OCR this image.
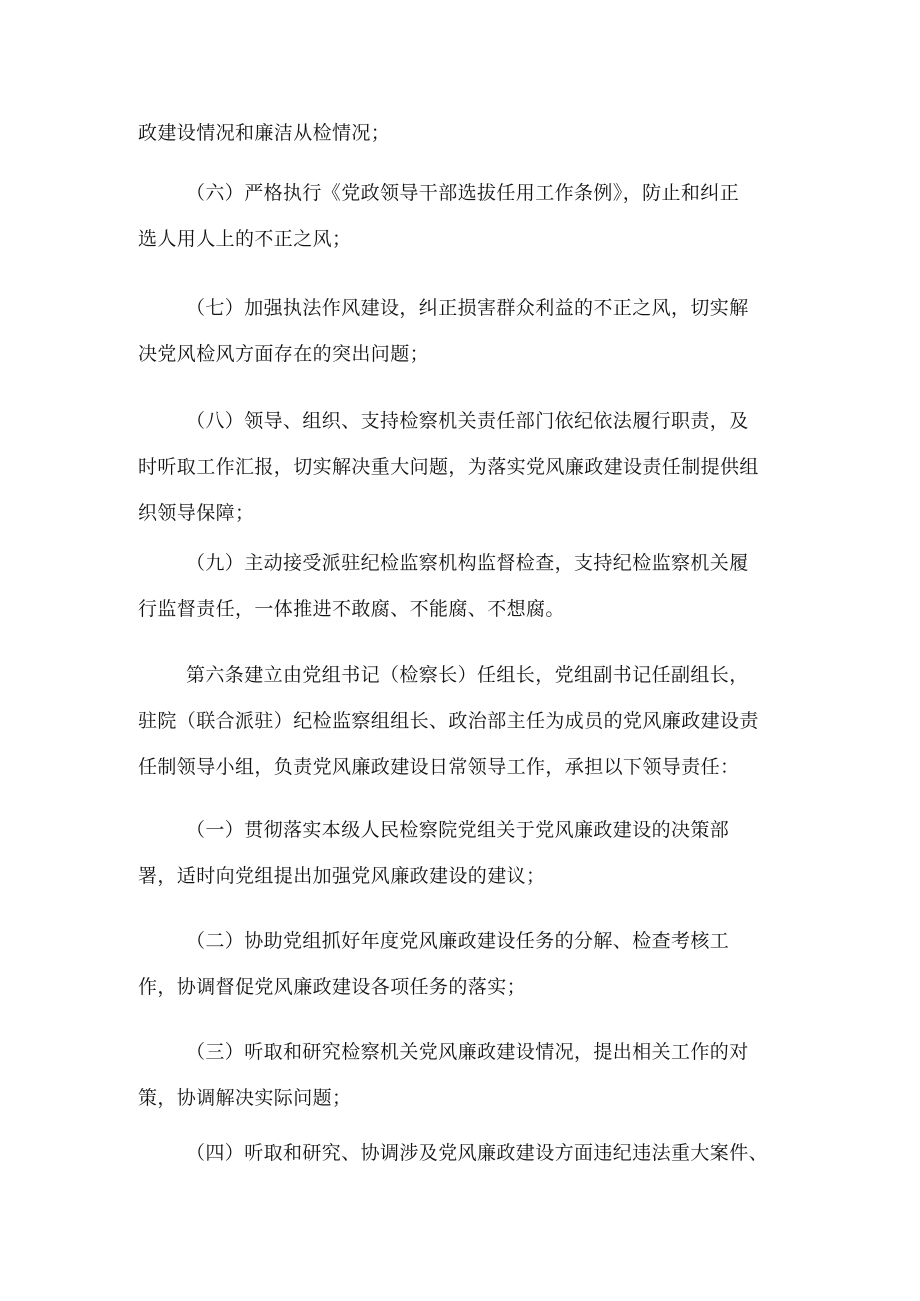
政建设情况和廉洁从检情况；
（六）严格执行《党政领导干部选拔任用工作条例》，防止和纠正
选人用人上的不正之风；
（七）加强执法作风建设，纠正损害群众利益的不正之风，切实解
决党风检风方面存在的突出问题；
（八）领导、组织、支持检察机关责任部门依纪依法履行职责，及
时听取工作汇报，切实解决重大问题，为落实党风廉政建设责任制提供组
织领导保障；
（九）主动接受派驻纪检监察机构监督检查，支持纪检监察机关履
行监督责任，一体推进不敢腐、不能腐、不想腐。
第六条建立由党组书记（检察长）任组长，党组副书记任副组长，
驻院（联合派驻）纪检监察组组长、政治部主任为成员的党风廉政建设责
任制领导小组，负责党风廉政建设日常领导工作，承担以下领导责任：
（一）贯彻落实本级人民检察院党组关于党风廉政建设的决策部
署，适时向党组提出加强党风廉政建设的建议；
（二）协助党组抓好年度党风廉政建设任务的分解、检查考核工
作，协调督促党风廉政建设各项任务的落实；
（三）听取和研究检察机关党风廉政建设情况，提出相关工作的对
策，协调解决实际问题；
（四）听取和研究、协调涉及党风廉政建设方面违纪违法重大案件、
